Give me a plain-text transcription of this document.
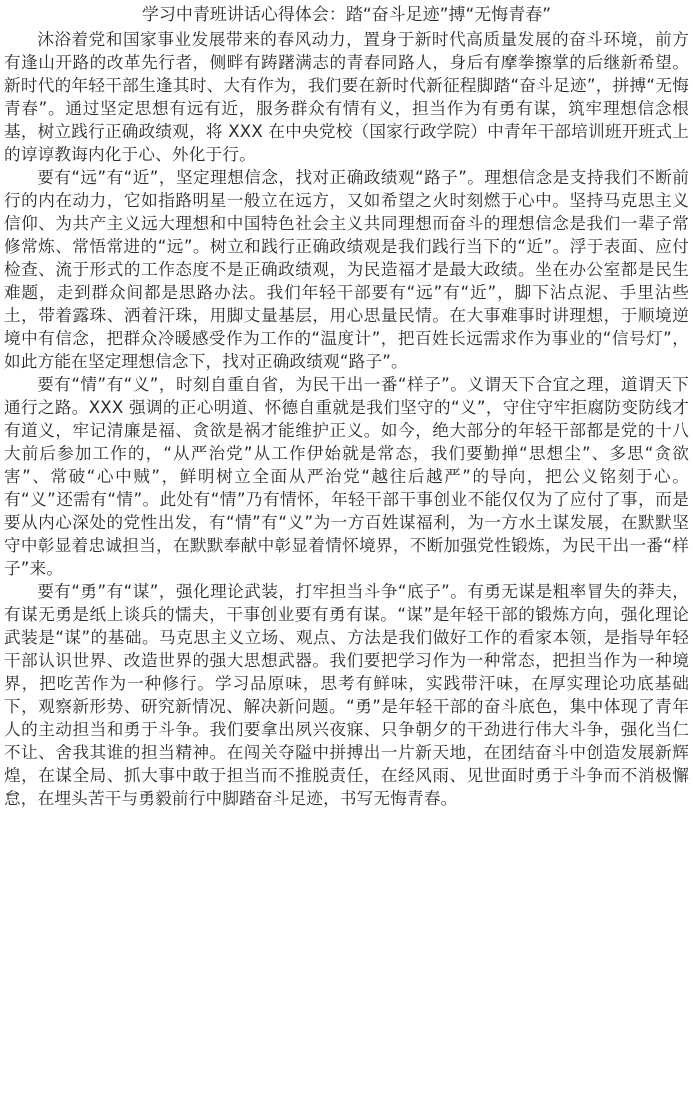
学习中青班讲话心得体会：踏“奋斗足迹”搏“无悔青春”

沐浴着党和国家事业发展带来的春风动力，置身于新时代高质量发展的奋斗环境，前方有逢山开路的改革先行者，侧畔有踌躇满志的青春同路人，身后有摩拳擦掌的后继新希望。新时代的年轻干部生逢其时、大有作为，我们要在新时代新征程脚踏“奋斗足迹”，拼搏“无悔青春”。通过坚定思想有远有近，服务群众有情有义，担当作为有勇有谋，筑牢理想信念根基，树立践行正确政绩观，将 XXX 在中央党校（国家行政学院）中青年干部培训班开班式上的谆谆教诲内化于心、外化于行。

要有“远”有“近”，坚定理想信念，找对正确政绩观“路子”。理想信念是支持我们不断前行的内在动力，它如指路明星一般立在远方，又如希望之火时刻燃于心中。坚持马克思主义信仰、为共产主义远大理想和中国特色社会主义共同理想而奋斗的理想信念是我们一辈子常修常炼、常悟常进的“远”。树立和践行正确政绩观是我们践行当下的“近”。浮于表面、应付检查、流于形式的工作态度不是正确政绩观，为民造福才是最大政绩。坐在办公室都是民生难题，走到群众间都是思路办法。我们年轻干部要有“远”有“近”，脚下沾点泥、手里沾些土，带着露珠、洒着汗珠，用脚丈量基层，用心思量民情。在大事难事时讲理想，于顺境逆境中有信念，把群众冷暖感受作为工作的“温度计”，把百姓长远需求作为事业的“信号灯”，如此方能在坚定理想信念下，找对正确政绩观“路子”。

要有“情”有“义”，时刻自重自省，为民干出一番“样子”。义谓天下合宜之理，道谓天下通行之路。XXX 强调的正心明道、怀德自重就是我们坚守的“义”，守住守牢拒腐防变防线才有道义，牢记清廉是福、贪欲是祸才能维护正义。如今，绝大部分的年轻干部都是党的十八大前后参加工作的，“从严治党”从工作伊始就是常态，我们要勤掸“思想尘”、多思“贪欲害”、常破“心中贼”，鲜明树立全面从严治党“越往后越严”的导向，把公义铭刻于心。有“义”还需有“情”。此处有“情”乃有情怀，年轻干部干事创业不能仅仅为了应付了事，而是要从内心深处的党性出发，有“情”有“义”为一方百姓谋福利，为一方水土谋发展，在默默坚守中彰显着忠诚担当，在默默奉献中彰显着情怀境界，不断加强党性锻炼，为民干出一番“样子”来。

要有“勇”有“谋”，强化理论武装，打牢担当斗争“底子”。有勇无谋是粗率冒失的莽夫，有谋无勇是纸上谈兵的懦夫，干事创业要有勇有谋。“谋”是年轻干部的锻炼方向，强化理论武装是“谋”的基础。马克思主义立场、观点、方法是我们做好工作的看家本领，是指导年轻干部认识世界、改造世界的强大思想武器。我们要把学习作为一种常态，把担当作为一种境界，把吃苦作为一种修行。学习品原味，思考有鲜味，实践带汗味，在厚实理论功底基础下，观察新形势、研究新情况、解决新问题。“勇”是年轻干部的奋斗底色，集中体现了青年人的主动担当和勇于斗争。我们要拿出夙兴夜寐、只争朝夕的干劲进行伟大斗争，强化当仁不让、舍我其谁的担当精神。在闯关夺隘中拼搏出一片新天地，在团结奋斗中创造发展新辉煌，在谋全局、抓大事中敢于担当而不推脱责任，在经风雨、见世面时勇于斗争而不消极懈怠，在埋头苦干与勇毅前行中脚踏奋斗足迹，书写无悔青春。
